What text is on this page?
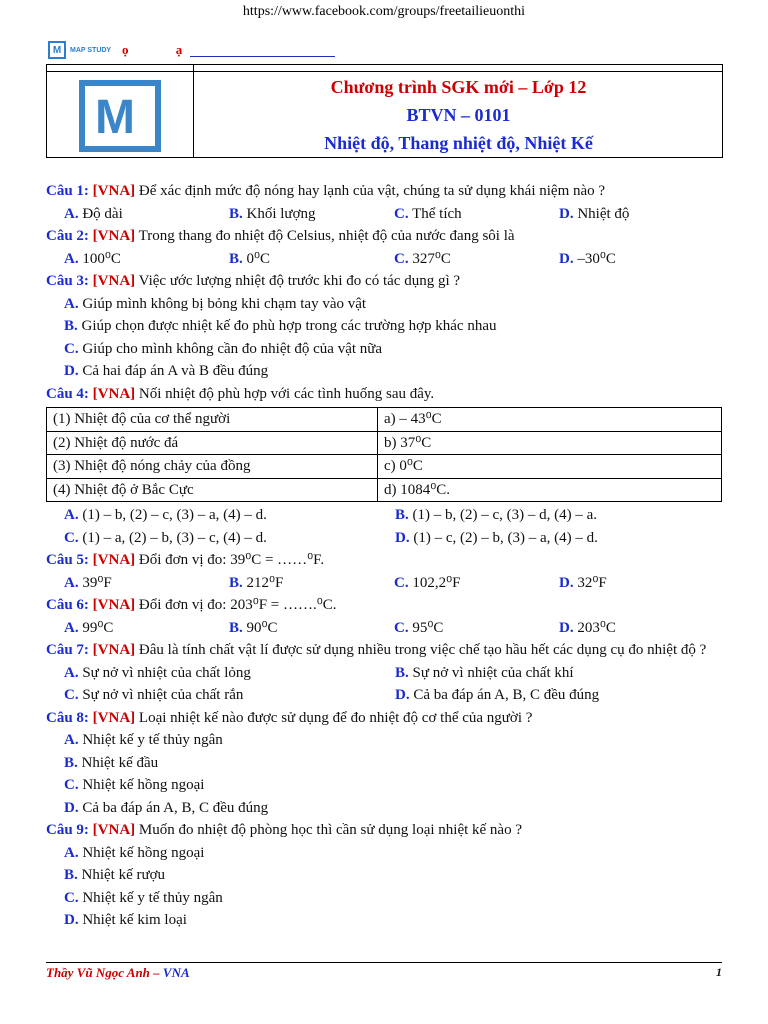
https://www.facebook.com/groups/freetailieuonthi
M	MAP STUDY ọ	ạ
M
Chương trình SGK mới – Lớp 12
BTVN – 0101
Nhiệt độ, Thang nhiệt độ, Nhiệt Kế

Câu 1: [VNA] Để xác định mức độ nóng hay lạnh của vật, chúng ta sử dụng khái niệm nào ?

A. Độ dài	B. Khối lượng	C. Thể tích	D. Nhiệt độ

Câu 2: [VNA] Trong thang đo nhiệt độ Celsius, nhiệt độ của nước đang sôi là

A. 100⁰C	B. 0⁰C	C. 327⁰C	D. –30⁰C

Câu 3: [VNA] Việc ước lượng nhiệt độ trước khi đo có tác dụng gì ?

A. Giúp mình không bị bỏng khi chạm tay vào vật
B. Giúp chọn được nhiệt kế đo phù hợp trong các trường hợp khác nhau
C. Giúp cho mình không cần đo nhiệt độ của vật nữa
D. Cả hai đáp án A và B đều đúng

Câu 4: [VNA] Nối nhiệt độ phù hợp với các tình huống sau đây.

(1) Nhiệt độ của cơ thể người	a) – 43⁰C
(2) Nhiệt độ nước đá	b) 37⁰C
(3) Nhiệt độ nóng chảy của đồng	c) 0⁰C
(4) Nhiệt độ ở Bắc Cực	d) 1084⁰C.
A. (1) – b, (2) – c, (3) – a, (4) – d.	B. (1) – b, (2) – c, (3) – d, (4) – a.
C. (1) – a, (2) – b, (3) – c, (4) – d.	D. (1) – c, (2) – b, (3) – a, (4) – d.

Câu 5: [VNA] Đổi đơn vị đo: 39⁰C = ……⁰F.

A. 39⁰F	B. 212⁰F	C. 102,2⁰F	D. 32⁰F

Câu 6: [VNA] Đổi đơn vị đo: 203⁰F = …….⁰C.

A. 99⁰C	B. 90⁰C	C. 95⁰C	D. 203⁰C

Câu 7: [VNA] Đâu là tính chất vật lí được sử dụng nhiều trong việc chế tạo hầu hết các dụng cụ đo nhiệt độ ?

A. Sự nở vì nhiệt của chất lỏng	B. Sự nở vì nhiệt của chất khí
C. Sự nở vì nhiệt của chất rắn	D. Cả ba đáp án A, B, C đều đúng

Câu 8: [VNA] Loại nhiệt kế nào được sử dụng để đo nhiệt độ cơ thể của người ?

A. Nhiệt kế y tế thủy ngân
B. Nhiệt kế đầu
C. Nhiệt kế hồng ngoại
D. Cả ba đáp án A, B, C đều đúng

Câu 9: [VNA] Muốn đo nhiệt độ phòng học thì cần sử dụng loại nhiệt kế nào ?

A. Nhiệt kế hồng ngoại
B. Nhiệt kế rượu
C. Nhiệt kế y tế thủy ngân
D. Nhiệt kế kim loại
Thầy Vũ Ngọc Anh – VNA	1
